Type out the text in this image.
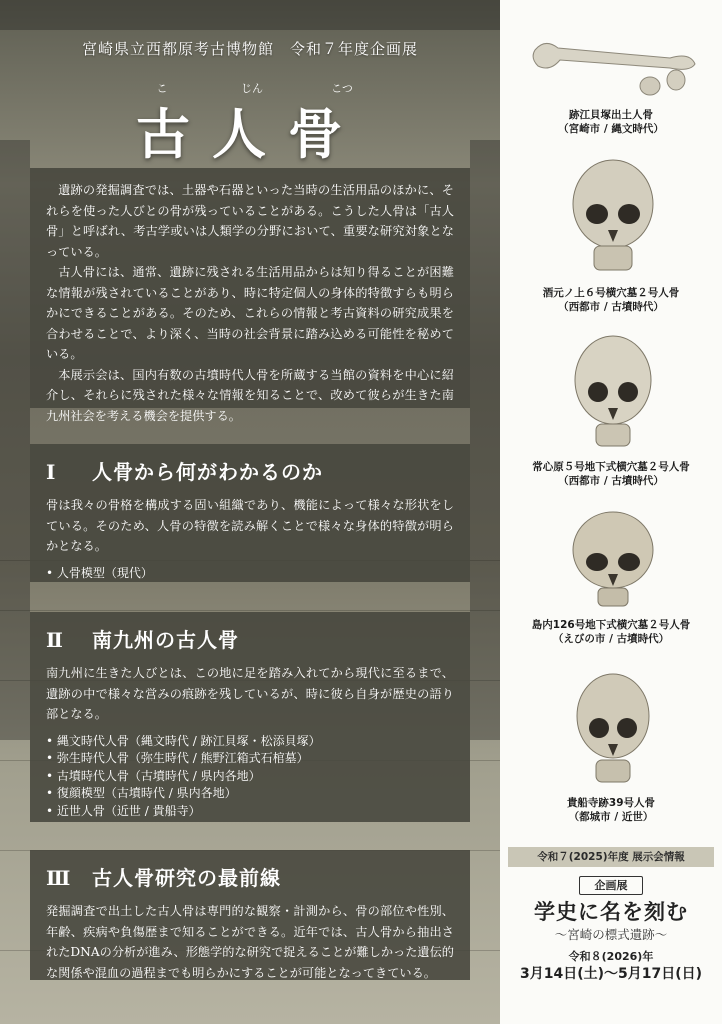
宮崎県立西都原考古博物館　令和７年度企画展
こ	じん	こつ
古人骨

遺跡の発掘調査では、土器や石器といった当時の生活用品のほかに、それらを使った人びとの骨が残っていることがある。こうした人骨は「古人骨」と呼ばれ、考古学或いは人類学の分野において、重要な研究対象となっている。

古人骨には、通常、遺跡に残される生活用品からは知り得ることが困難な情報が残されていることがあり、時に特定個人の身体的特徴すらも明らかにできることがある。そのため、これらの情報と考古資料の研究成果を合わせることで、より深く、当時の社会背景に踏み込める可能性を秘めている。

本展示会は、国内有数の古墳時代人骨を所蔵する当館の資料を中心に紹介し、それらに残された様々な情報を知ることで、改めて彼らが生きた南九州社会を考える機会を提供する。

Ⅰ 人骨から何がわかるのか

骨は我々の骨格を構成する固い組織であり、機能によって様々な形状をしている。そのため、人骨の特徴を読み解くことで様々な身体的特徴が明らかとなる。

• 人骨模型（現代）
Ⅱ 南九州の古人骨

南九州に生きた人びとは、この地に足を踏み入れてから現代に至るまで、遺跡の中で様々な営みの痕跡を残しているが、時に彼ら自身が歴史の語り部となる。

• 縄文時代人骨（縄文時代 / 跡江貝塚・松添貝塚）
• 弥生時代人骨（弥生時代 / 熊野江箱式石棺墓）
• 古墳時代人骨（古墳時代 / 県内各地）
• 復顔模型（古墳時代 / 県内各地）
• 近世人骨（近世 / 貴船寺）
Ⅲ 古人骨研究の最前線

発掘調査で出土した古人骨は専門的な観察・計測から、骨の部位や性別、年齢、疾病や負傷歴まで知ることができる。近年では、古人骨から抽出されたDNAの分析が進み、形態学的な研究で捉えることが難しかった遺伝的な関係や混血の過程までも明らかにすることが可能となってきている。

跡江貝塚出土人骨
（宮崎市 / 縄文時代）
酒元ノ上６号横穴墓２号人骨
（西都市 / 古墳時代）
常心原５号地下式横穴墓２号人骨
（西都市 / 古墳時代）
島内126号地下式横穴墓２号人骨
（えびの市 / 古墳時代）
貴船寺跡39号人骨
（都城市 / 近世）
令和７(2025)年度 展示会情報
企画展
学史に名を刻む
〜宮崎の標式遺跡〜
令和８(2026)年
3月14日(土)～5月17日(日)
